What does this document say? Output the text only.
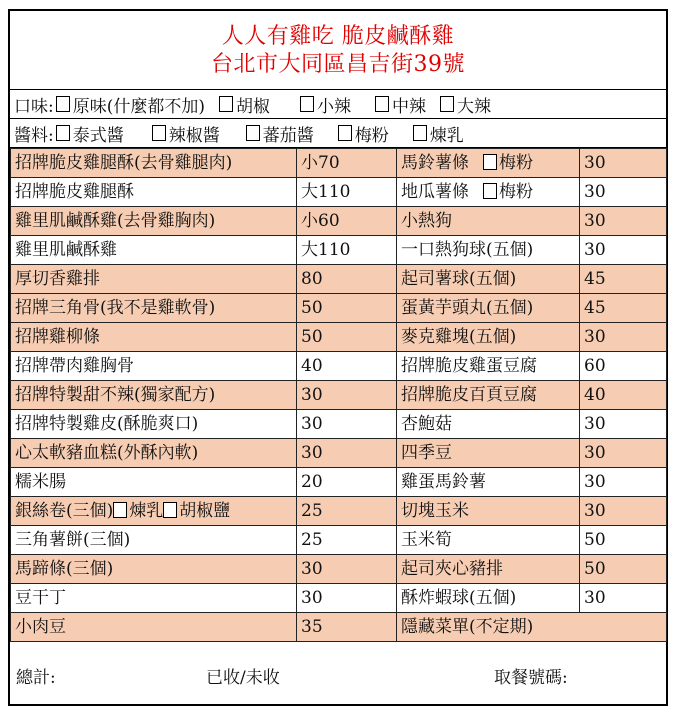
人人有雞吃 脆皮鹹酥雞
台北市大同區昌吉街39號
口味: 原味(什麼都不加) 胡椒	小辣 中辣 大辣
醬料: 泰式醬	辣椒醬	蕃茄醬 梅粉 煉乳
招牌脆皮雞腿酥(去骨雞腿肉)	小70	馬鈴薯條 梅粉	30
招牌脆皮雞腿酥	大110	地瓜薯條 梅粉	30
雞里肌鹹酥雞(去骨雞胸肉)	小60	小熱狗	30
雞里肌鹹酥雞	大110	一口熱狗球(五個)	30
厚切香雞排	80	起司薯球(五個)	45
招牌三角骨(我不是雞軟骨)	50	蛋黃芋頭丸(五個)	45
招牌雞柳條	50	麥克雞塊(五個)	30
招牌帶肉雞胸骨	40	招牌脆皮雞蛋豆腐	60
招牌特製甜不辣(獨家配方)	30	招牌脆皮百頁豆腐	40
招牌特製雞皮(酥脆爽口)	30	杏鮑菇	30
心太軟豬血糕(外酥內軟)	30	四季豆	30
糯米腸	20	雞蛋馬鈴薯	30
銀絲卷(三個) 煉乳 胡椒鹽	25	切塊玉米	30
三角薯餅(三個)	25	玉米筍	50
馬蹄條(三個)	30	起司夾心豬排	50
豆干丁	30	酥炸蝦球(五個)	30
小肉豆	35	隱藏菜單(不定期)	
總計:	已收/未收	取餐號碼:
